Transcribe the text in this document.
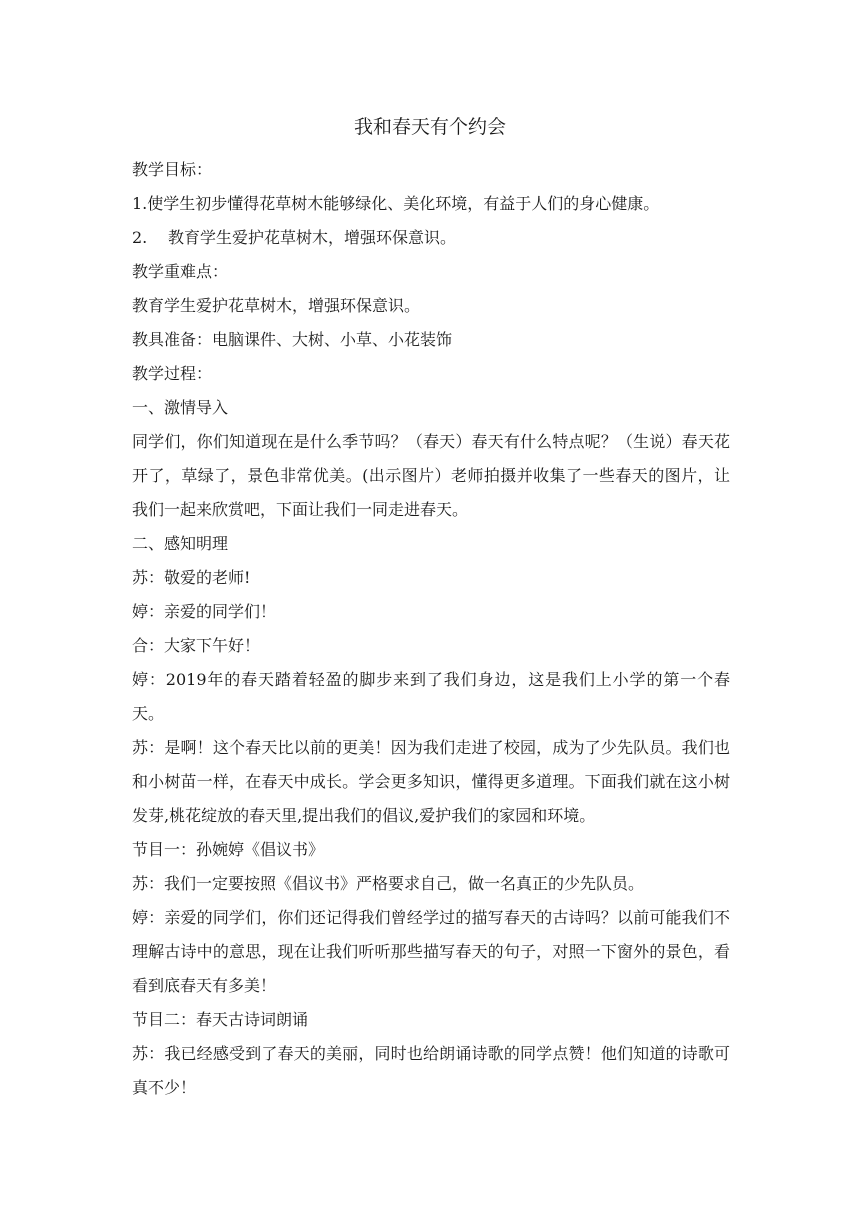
我和春天有个约会

教学目标：

1.使学生初步懂得花草树木能够绿化、美化环境，有益于人们的身心健康。

2. 教育学生爱护花草树木，增强环保意识。

教学重难点：

教育学生爱护花草树木，增强环保意识。

教具准备：电脑课件、大树、小草、小花装饰

教学过程：

一、激情导入

同学们，你们知道现在是什么季节吗？（春天）春天有什么特点呢？（生说）春天花开了，草绿了，景色非常优美。(出示图片）老师拍摄并收集了一些春天的图片，让我们一起来欣赏吧，下面让我们一同走进春天。

二、感知明理

苏：敬爱的老师!

婷：亲爱的同学们！

合：大家下午好！

婷：2019年的春天踏着轻盈的脚步来到了我们身边，这是我们上小学的第一个春天。

苏：是啊！这个春天比以前的更美！因为我们走进了校园，成为了少先队员。我们也和小树苗一样，在春天中成长。学会更多知识，懂得更多道理。下面我们就在这小树发芽,桃花绽放的春天里,提出我们的倡议,爱护我们的家园和环境。

节目一：孙婉婷《倡议书》

苏：我们一定要按照《倡议书》严格要求自己，做一名真正的少先队员。

婷：亲爱的同学们，你们还记得我们曾经学过的描写春天的古诗吗？以前可能我们不理解古诗中的意思，现在让我们听听那些描写春天的句子，对照一下窗外的景色，看看到底春天有多美！

节目二：春天古诗词朗诵

苏：我已经感受到了春天的美丽，同时也给朗诵诗歌的同学点赞！他们知道的诗歌可真不少！
